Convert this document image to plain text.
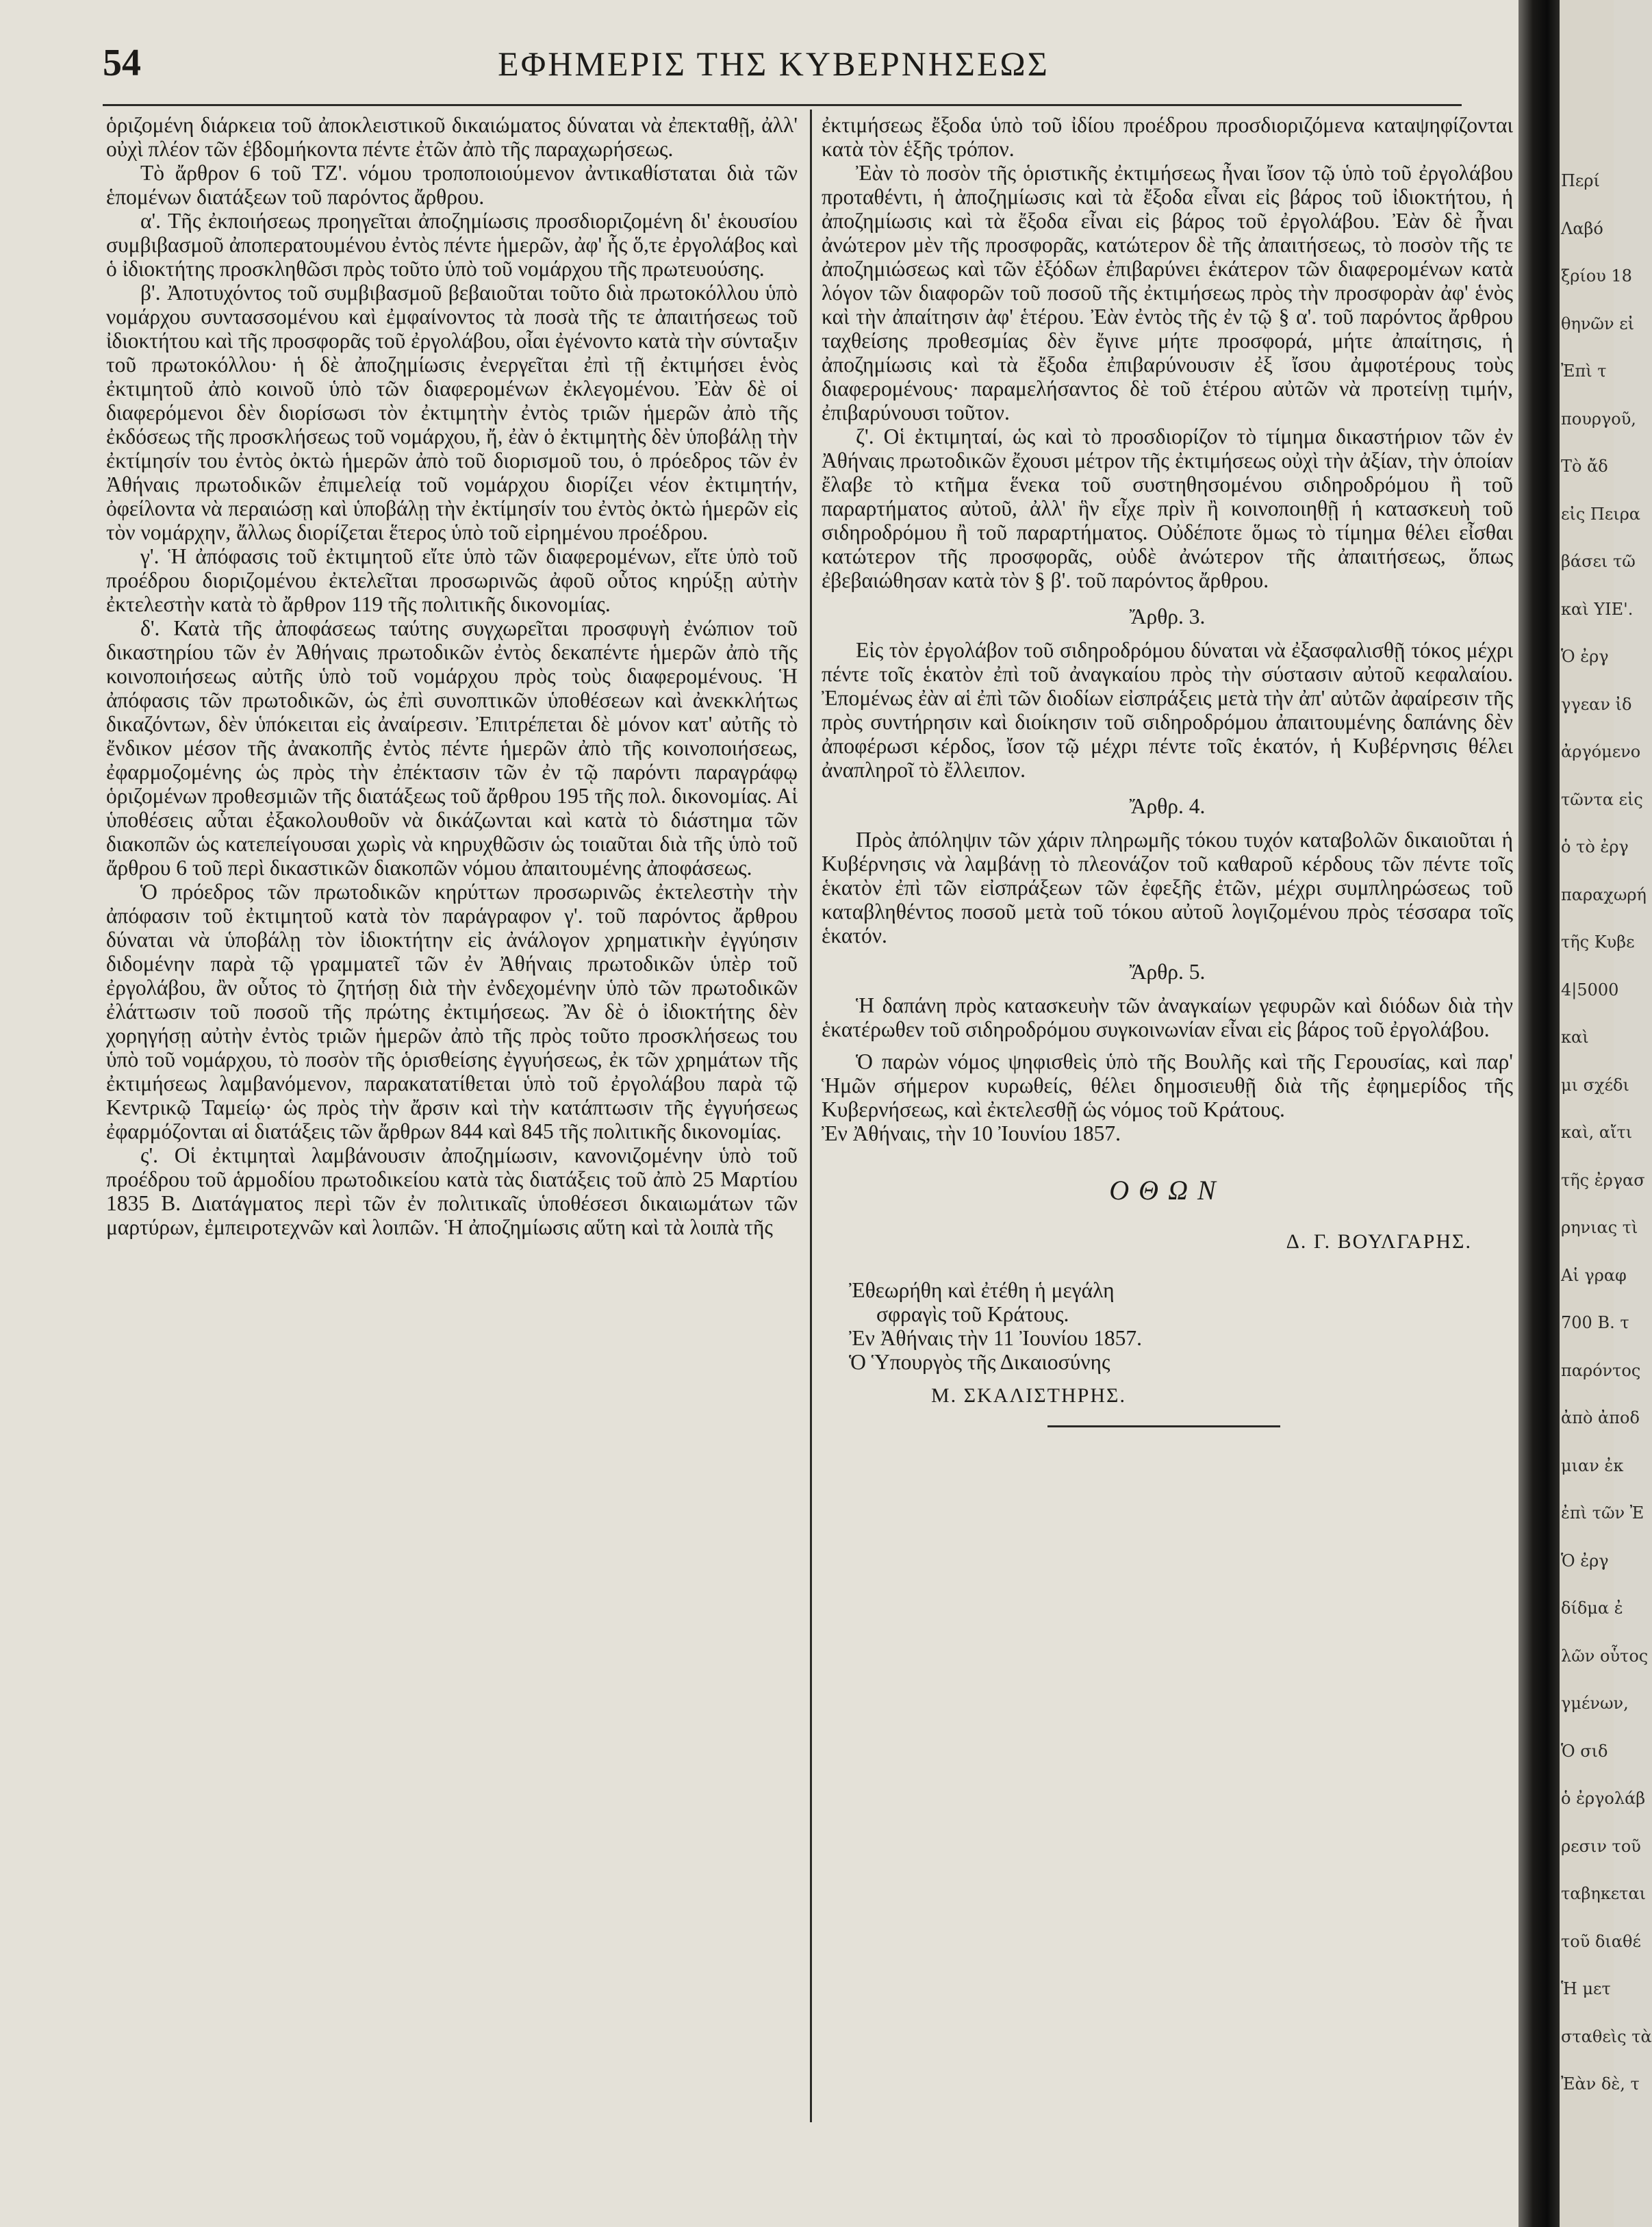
54	ΕΦΗΜΕΡΙΣ ΤΗΣ ΚΥΒΕΡΝΗΣΕΩΣ

ὁριζομένη διάρκεια τοῦ ἀποκλειστικοῦ δικαιώματος δύναται νὰ ἐπεκταθῇ, ἀλλ' οὐχὶ πλέον τῶν ἑβδομήκοντα πέντε ἐτῶν ἀπὸ τῆς παραχωρήσεως.

Τὸ ἄρθρον 6 τοῦ ΤΖ'. νόμου τροποποιούμενον ἀντικαθίσταται διὰ τῶν ἑπομένων διατάξεων τοῦ παρόντος ἄρθρου.

α'. Τῆς ἐκποιήσεως προηγεῖται ἀποζημίωσις προσδιοριζομένη δι' ἑκουσίου συμβιβασμοῦ ἀποπερατουμένου ἐντὸς πέντε ἡμερῶν, ἀφ' ἧς ὅ,τε ἐργολάβος καὶ ὁ ἰδιοκτήτης προσκληθῶσι πρὸς τοῦτο ὑπὸ τοῦ νομάρχου τῆς πρωτευούσης.

β'. Ἀποτυχόντος τοῦ συμβιβασμοῦ βεβαιοῦται τοῦτο διὰ πρωτοκόλλου ὑπὸ νομάρχου συντασσομένου καὶ ἐμφαίνοντος τὰ ποσὰ τῆς τε ἀπαιτήσεως τοῦ ἰδιοκτήτου καὶ τῆς προσφορᾶς τοῦ ἐργολάβου, οἷαι ἐγένοντο κατὰ τὴν σύνταξιν τοῦ πρωτοκόλλου· ἡ δὲ ἀποζημίωσις ἐνεργεῖται ἐπὶ τῇ ἐκτιμήσει ἑνὸς ἐκτιμητοῦ ἀπὸ κοινοῦ ὑπὸ τῶν διαφερομένων ἐκλεγομένου. Ἐὰν δὲ οἱ διαφερόμενοι δὲν διορίσωσι τὸν ἐκτιμητὴν ἐντὸς τριῶν ἡμερῶν ἀπὸ τῆς ἐκδόσεως τῆς προσκλήσεως τοῦ νομάρχου, ἤ, ἐὰν ὁ ἐκτιμητὴς δὲν ὑποβάλῃ τὴν ἐκτίμησίν του ἐντὸς ὀκτὼ ἡμερῶν ἀπὸ τοῦ διορισμοῦ του, ὁ πρόεδρος τῶν ἐν Ἀθήναις πρωτοδικῶν ἐπιμελείᾳ τοῦ νομάρχου διορίζει νέον ἐκτιμητήν, ὀφείλοντα νὰ περαιώσῃ καὶ ὑποβάλῃ τὴν ἐκτίμησίν του ἐντὸς ὀκτὼ ἡμερῶν εἰς τὸν νομάρχην, ἄλλως διορίζεται ἕτερος ὑπὸ τοῦ εἰρημένου προέδρου.

γ'. Ἡ ἀπόφασις τοῦ ἐκτιμητοῦ εἴτε ὑπὸ τῶν διαφερομένων, εἴτε ὑπὸ τοῦ προέδρου διοριζομένου ἐκτελεῖται προσωρινῶς ἀφοῦ οὗτος κηρύξῃ αὐτὴν ἐκτελεστὴν κατὰ τὸ ἄρθρον 119 τῆς πολιτικῆς δικονομίας.

δ'. Κατὰ τῆς ἀποφάσεως ταύτης συγχωρεῖται προσφυγὴ ἐνώπιον τοῦ δικαστηρίου τῶν ἐν Ἀθήναις πρωτοδικῶν ἐντὸς δεκαπέντε ἡμερῶν ἀπὸ τῆς κοινοποιήσεως αὐτῆς ὑπὸ τοῦ νομάρχου πρὸς τοὺς διαφερομένους. Ἡ ἀπόφασις τῶν πρωτοδικῶν, ὡς ἐπὶ συνοπτικῶν ὑποθέσεων καὶ ἀνεκκλήτως δικαζόντων, δὲν ὑπόκειται εἰς ἀναίρεσιν. Ἐπιτρέπεται δὲ μόνον κατ' αὐτῆς τὸ ἔνδικον μέσον τῆς ἀνακοπῆς ἐντὸς πέντε ἡμερῶν ἀπὸ τῆς κοινοποιήσεως, ἐφαρμοζομένης ὡς πρὸς τὴν ἐπέκτασιν τῶν ἐν τῷ παρόντι παραγράφῳ ὁριζομένων προθεσμιῶν τῆς διατάξεως τοῦ ἄρθρου 195 τῆς πολ. δικονομίας. Αἱ ὑποθέσεις αὗται ἐξακολουθοῦν νὰ δικάζωνται καὶ κατὰ τὸ διάστημα τῶν διακοπῶν ὡς κατεπείγουσαι χωρὶς νὰ κηρυχθῶσιν ὡς τοιαῦται διὰ τῆς ὑπὸ τοῦ ἄρθρου 6 τοῦ περὶ δικαστικῶν διακοπῶν νόμου ἀπαιτουμένης ἀποφάσεως.

Ὁ πρόεδρος τῶν πρωτοδικῶν κηρύττων προσωρινῶς ἐκτελεστὴν τὴν ἀπόφασιν τοῦ ἐκτιμητοῦ κατὰ τὸν παράγραφον γ'. τοῦ παρόντος ἄρθρου δύναται νὰ ὑποβάλῃ τὸν ἰδιοκτήτην εἰς ἀνάλογον χρηματικὴν ἐγγύησιν διδομένην παρὰ τῷ γραμματεῖ τῶν ἐν Ἀθήναις πρωτοδικῶν ὑπὲρ τοῦ ἐργολάβου, ἂν οὗτος τὸ ζητήσῃ διὰ τὴν ἐνδεχομένην ὑπὸ τῶν πρωτοδικῶν ἐλάττωσιν τοῦ ποσοῦ τῆς πρώτης ἐκτιμήσεως. Ἂν δὲ ὁ ἰδιοκτήτης δὲν χορηγήσῃ αὐτὴν ἐντὸς τριῶν ἡμερῶν ἀπὸ τῆς πρὸς τοῦτο προσκλήσεως του ὑπὸ τοῦ νομάρχου, τὸ ποσὸν τῆς ὁρισθείσης ἐγγυήσεως, ἐκ τῶν χρημάτων τῆς ἐκτιμήσεως λαμβανόμενον, παρακατατίθεται ὑπὸ τοῦ ἐργολάβου παρὰ τῷ Κεντρικῷ Ταμείῳ· ὡς πρὸς τὴν ἄρσιν καὶ τὴν κατάπτωσιν τῆς ἐγγυήσεως ἐφαρμόζονται αἱ διατάξεις τῶν ἄρθρων 844 καὶ 845 τῆς πολιτικῆς δικονομίας.

ς'. Οἱ ἐκτιμηταὶ λαμβάνουσιν ἀποζημίωσιν, κανονιζομένην ὑπὸ τοῦ προέδρου τοῦ ἁρμοδίου πρωτοδικείου κατὰ τὰς διατάξεις τοῦ ἀπὸ 25 Μαρτίου 1835 Β. Διατάγματος περὶ τῶν ἐν πολιτικαῖς ὑποθέσεσι δικαιωμάτων τῶν μαρτύρων, ἐμπειροτεχνῶν καὶ λοιπῶν. Ἡ ἀποζημίωσις αὕτη καὶ τὰ λοιπὰ τῆς

ἐκτιμήσεως ἔξοδα ὑπὸ τοῦ ἰδίου προέδρου προσδιοριζόμενα καταψηφίζονται κατὰ τὸν ἑξῆς τρόπον.

Ἐὰν τὸ ποσὸν τῆς ὁριστικῆς ἐκτιμήσεως ἦναι ἴσον τῷ ὑπὸ τοῦ ἐργολάβου προταθέντι, ἡ ἀποζημίωσις καὶ τὰ ἔξοδα εἶναι εἰς βάρος τοῦ ἰδιοκτήτου, ἡ ἀποζημίωσις καὶ τὰ ἔξοδα εἶναι εἰς βάρος τοῦ ἐργολάβου. Ἐὰν δὲ ἦναι ἀνώτερον μὲν τῆς προσφορᾶς, κατώτερον δὲ τῆς ἀπαιτήσεως, τὸ ποσὸν τῆς τε ἀποζημιώσεως καὶ τῶν ἐξόδων ἐπιβαρύνει ἑκάτερον τῶν διαφερομένων κατὰ λόγον τῶν διαφορῶν τοῦ ποσοῦ τῆς ἐκτιμήσεως πρὸς τὴν προσφορὰν ἀφ' ἑνὸς καὶ τὴν ἀπαίτησιν ἀφ' ἑτέρου. Ἐὰν ἐντὸς τῆς ἐν τῷ § α'. τοῦ παρόντος ἄρθρου ταχθείσης προθεσμίας δὲν ἔγινε μήτε προσφορά, μήτε ἀπαίτησις, ἡ ἀποζημίωσις καὶ τὰ ἔξοδα ἐπιβαρύνουσιν ἐξ ἴσου ἀμφοτέρους τοὺς διαφερομένους· παραμελήσαντος δὲ τοῦ ἑτέρου αὐτῶν νὰ προτείνῃ τιμήν, ἐπιβαρύνουσι τοῦτον.

ζ'. Οἱ ἐκτιμηταί, ὡς καὶ τὸ προσδιορίζον τὸ τίμημα δικαστήριον τῶν ἐν Ἀθήναις πρωτοδικῶν ἔχουσι μέτρον τῆς ἐκτιμήσεως οὐχὶ τὴν ἀξίαν, τὴν ὁποίαν ἔλαβε τὸ κτῆμα ἕνεκα τοῦ συστηθησομένου σιδηροδρόμου ἢ τοῦ παραρτήματος αὐτοῦ, ἀλλ' ἣν εἶχε πρὶν ἢ κοινοποιηθῇ ἡ κατασκευὴ τοῦ σιδηροδρόμου ἢ τοῦ παραρτήματος. Οὐδέποτε ὅμως τὸ τίμημα θέλει εἶσθαι κατώτερον τῆς προσφορᾶς, οὐδὲ ἀνώτερον τῆς ἀπαιτήσεως, ὅπως ἐβεβαιώθησαν κατὰ τὸν § β'. τοῦ παρόντος ἄρθρου.

Ἄρθρ. 3.

Εἰς τὸν ἐργολάβον τοῦ σιδηροδρόμου δύναται νὰ ἐξασφαλισθῇ τόκος μέχρι πέντε τοῖς ἑκατὸν ἐπὶ τοῦ ἀναγκαίου πρὸς τὴν σύστασιν αὐτοῦ κεφαλαίου. Ἐπομένως ἐὰν αἱ ἐπὶ τῶν διοδίων εἰσπράξεις μετὰ τὴν ἀπ' αὐτῶν ἀφαίρεσιν τῆς πρὸς συντήρησιν καὶ διοίκησιν τοῦ σιδηροδρόμου ἀπαιτουμένης δαπάνης δὲν ἀποφέρωσι κέρδος, ἴσον τῷ μέχρι πέντε τοῖς ἑκατόν, ἡ Κυβέρνησις θέλει ἀναπληροῖ τὸ ἔλλειπον.

Ἄρθρ. 4.

Πρὸς ἀπόληψιν τῶν χάριν πληρωμῆς τόκου τυχόν καταβολῶν δικαιοῦται ἡ Κυβέρνησις νὰ λαμβάνῃ τὸ πλεονάζον τοῦ καθαροῦ κέρδους τῶν πέντε τοῖς ἑκατὸν ἐπὶ τῶν εἰσπράξεων τῶν ἐφεξῆς ἐτῶν, μέχρι συμπληρώσεως τοῦ καταβληθέντος ποσοῦ μετὰ τοῦ τόκου αὐτοῦ λογιζομένου πρὸς τέσσαρα τοῖς ἑκατόν.

Ἄρθρ. 5.

Ἡ δαπάνη πρὸς κατασκευὴν τῶν ἀναγκαίων γεφυρῶν καὶ διόδων διὰ τὴν ἑκατέρωθεν τοῦ σιδηροδρόμου συγκοινωνίαν εἶναι εἰς βάρος τοῦ ἐργολάβου.

Ὁ παρὼν νόμος ψηφισθεὶς ὑπὸ τῆς Βουλῆς καὶ τῆς Γερουσίας, καὶ παρ' Ἡμῶν σήμερον κυρωθείς, θέλει δημοσιευθῇ διὰ τῆς ἐφημερίδος τῆς Κυβερνήσεως, καὶ ἐκτελεσθῇ ὡς νόμος τοῦ Κράτους.

Ἐν Ἀθήναις, τὴν 10 Ἰουνίου 1857.

ΟΘΩΝ
Δ. Γ. ΒΟΥΛΓΑΡΗΣ.

Ἐθεωρήθη καὶ ἐτέθη ἡ μεγάλη

σφραγὶς τοῦ Κράτους.

Ἐν Ἀθήναις τὴν 11 Ἰουνίου 1857.

Ὁ Ὑπουργὸς τῆς Δικαιοσύνης

Μ. ΣΚΑΛΙΣΤΗΡΗΣ.

Περί
Λαβό
ξρίου 18
θηνῶν εἰ
Ἐπὶ τ
πουργοῦ,
Τὸ ἄδ
εἰς Πειρα
βάσει τῶ
καὶ ΥΙΕ'.
Ὁ ἐργ
γγεαν ἰδ
ἀργόμενο
τῶντα εἰς
ὁ τὸ ἐργ
παραχωρή
τῆς Κυβε
4|5000
καὶ
μι σχέδι
καὶ, αἴτι
τῆς ἐργασ
ρηνιας τὶ
Αἱ γραφ
700 Β. τ
παρόντος
ἀπὸ ἀποδ
μιαν ἐκ
ἐπὶ τῶν Ἐ
Ὁ ἐργ
δίδμα ἐ
λῶν οὗτος
γμένων,
Ὁ σιδ
ὁ ἐργολάβ
ρεσιν τοῦ
ταβηκεται
τοῦ διαθέ
Ἡ μετ
σταθεὶς τὰ
Ἐὰν δὲ, τ
